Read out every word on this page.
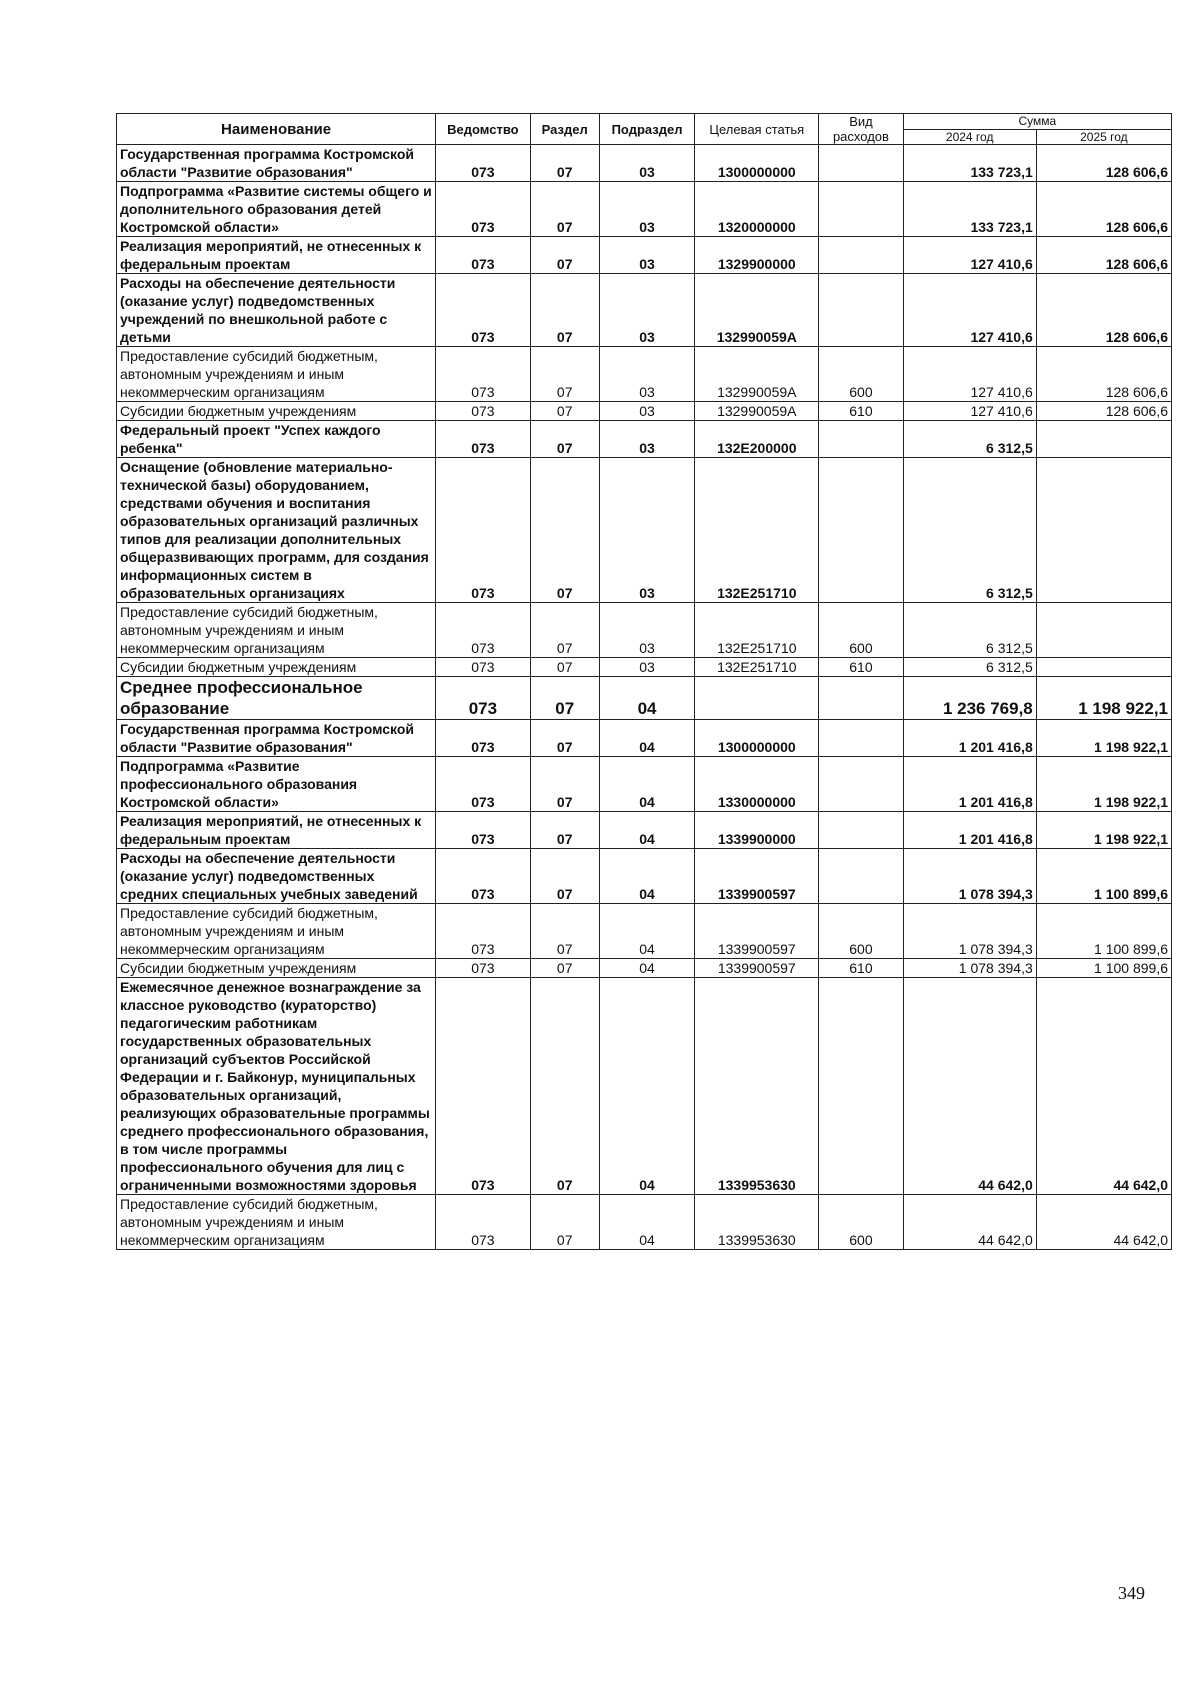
Наименование	Ведомство	Раздел	Подраздел	Целевая статья	Вид расходов	Сумма	
						2024 год	2025 год
Государственная программа Костромской области "Развитие образования"	073	07	03	1300000000		133 723,1	128 606,6
Подпрограмма «Развитие системы общего и дополнительного образования детей Костромской области»	073	07	03	1320000000		133 723,1	128 606,6
Реализация мероприятий, не отнесенных к федеральным проектам	073	07	03	1329900000		127 410,6	128 606,6
Расходы на обеспечение деятельности (оказание услуг) подведомственных учреждений по внешкольной работе с детьми	073	07	03	132990059A		127 410,6	128 606,6
Предоставление субсидий бюджетным, автономным учреждениям и иным некоммерческим организациям	073	07	03	132990059A	600	127 410,6	128 606,6
Субсидии бюджетным учреждениям	073	07	03	132990059A	610	127 410,6	128 606,6
Федеральный проект "Успех каждого ребенка"	073	07	03	132E200000		6 312,5	
Оснащение (обновление материально-технической базы) оборудованием, средствами обучения и воспитания образовательных организаций различных типов для реализации дополнительных общеразвивающих программ, для создания информационных систем в образовательных организациях	073	07	03	132E251710		6 312,5	
Предоставление субсидий бюджетным, автономным учреждениям и иным некоммерческим организациям	073	07	03	132E251710	600	6 312,5	
Субсидии бюджетным учреждениям	073	07	03	132E251710	610	6 312,5	
Среднее профессиональное образование	073	07	04			1 236 769,8	1 198 922,1
Государственная программа Костромской области "Развитие образования"	073	07	04	1300000000		1 201 416,8	1 198 922,1
Подпрограмма «Развитие профессионального образования Костромской области»	073	07	04	1330000000		1 201 416,8	1 198 922,1
Реализация мероприятий, не отнесенных к федеральным проектам	073	07	04	1339900000		1 201 416,8	1 198 922,1
Расходы на обеспечение деятельности (оказание услуг) подведомственных средних специальных учебных заведений	073	07	04	1339900597		1 078 394,3	1 100 899,6
Предоставление субсидий бюджетным, автономным учреждениям и иным некоммерческим организациям	073	07	04	1339900597	600	1 078 394,3	1 100 899,6
Субсидии бюджетным учреждениям	073	07	04	1339900597	610	1 078 394,3	1 100 899,6
Ежемесячное денежное вознаграждение за классное руководство (кураторство) педагогическим работникам государственных образовательных организаций субъектов Российской Федерации и г. Байконур, муниципальных образовательных организаций, реализующих образовательные программы среднего профессионального образования, в том числе программы профессионального обучения для лиц с ограниченными возможностями здоровья	073	07	04	1339953630		44 642,0	44 642,0
Предоставление субсидий бюджетным, автономным учреждениям и иным некоммерческим организациям	073	07	04	1339953630	600	44 642,0	44 642,0
349
